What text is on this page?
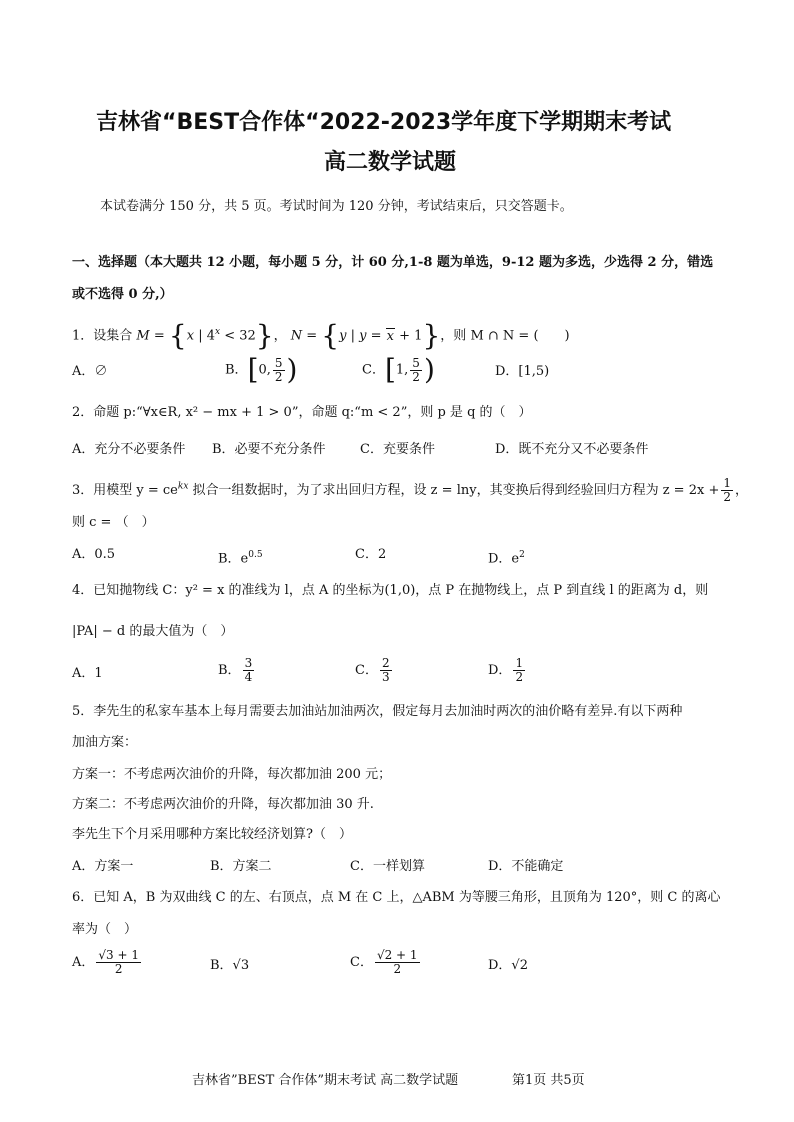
吉林省“BEST合作体“2022-2023学年度下学期期末考试
高二数学试题
本试卷满分 150 分，共 5 页。考试时间为 120 分钟，考试结束后，只交答题卡。
一、选择题（本大题共 12 小题，每小题 5 分，计 60 分,1-8 题为单选，9-12 题为多选，少选得 2 分，错选
或不选得 0 分,）
1．设集合 M = {x | $4^x < 32$}， N = {y | y = x + 1}，则 M ∩ N = (　　)
A．∅	B．[0, $\frac{5}{2}$ )	C．[1, $\frac{5}{2}$ )	D．[1,5)
2．命题 p:“∀x∈R, x² − mx + 1 > 0”，命题 q:“m < 2”，则 p 是 q 的（　）
A．充分不必要条件 B．必要不充分条件	C．充要条件	D．既不充分又不必要条件
3．用模型 $y = ce^{kx}$ 拟合一组数据时，为了求出回归方程，设 z = lny，其变换后得到经验回归方程为 $z = 2x + \frac{1}{2}$ ，
则 c = （　）
A．0.5	B．$e^{0.5}$	C．2	D．$e^2$
4．已知抛物线 C：y² = x 的准线为 l，点 A 的坐标为(1,0)，点 P 在抛物线上，点 P 到直线 l 的距离为 d，则
|PA| − d 的最大值为（　）
A．1	B． $\frac{3}{4}$	C． $\frac{2}{3}$	D． $\frac{1}{2}$
5．李先生的私家车基本上每月需要去加油站加油两次，假定每月去加油时两次的油价略有差异.有以下两种
加油方案：
方案一：不考虑两次油价的升降，每次都加油 200 元；
方案二：不考虑两次油价的升降，每次都加油 30 升.
李先生下个月采用哪种方案比较经济划算?（　）
A．方案一	B．方案二	C．一样划算	D．不能确定
6．已知 A，B 为双曲线 C 的左、右顶点，点 M 在 C 上，△ABM 为等腰三角形，且顶角为 120°，则 C 的离心
率为（　）
A． $\frac{√3 + 1}{2}$	B．√3	C． $\frac{√2 + 1}{2}$	D．√2
吉林省”BEST 合作体”期末考试 高二数学试题	第1页 共5页
